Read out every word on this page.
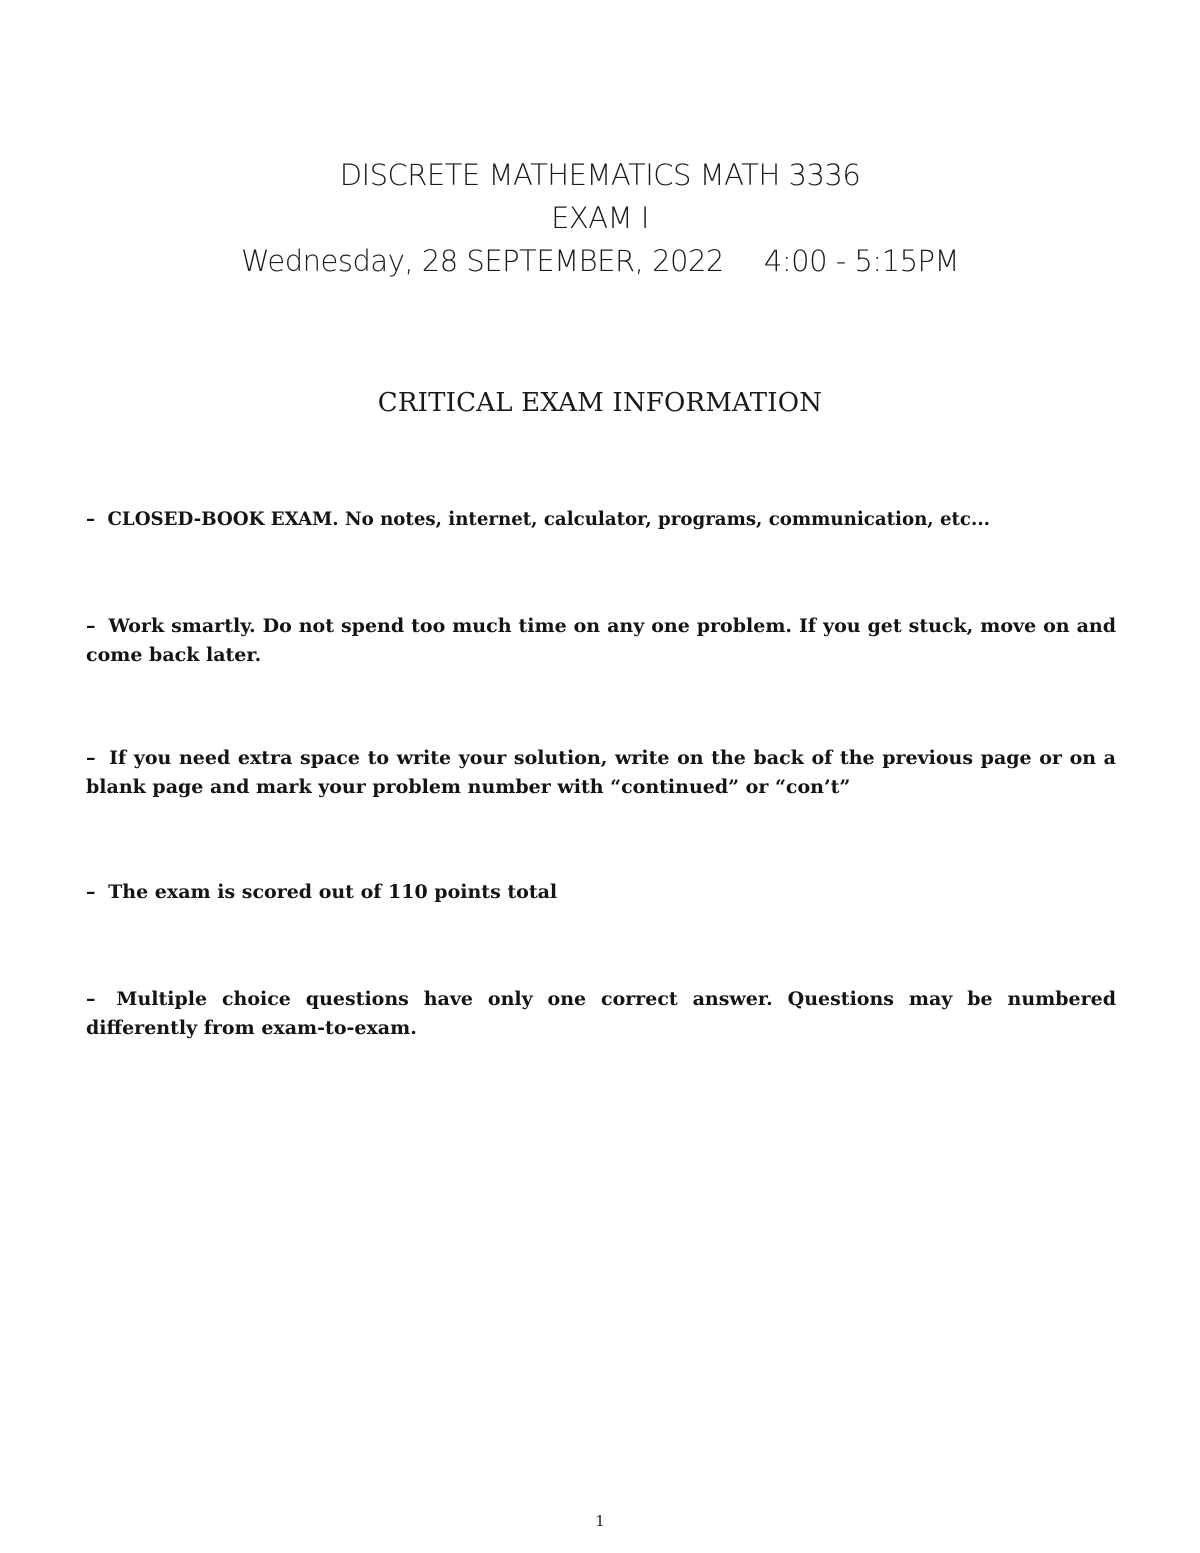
DISCRETE MATHEMATICS MATH 3336
EXAM I
Wednesday, 28 SEPTEMBER, 2022 4:00 - 5:15PM
CRITICAL EXAM INFORMATION
– CLOSED-BOOK EXAM. No notes, internet, calculator, programs, communication, etc...
– Work smartly. Do not spend too much time on any one problem. If you get stuck, move on and come back later.
– If you need extra space to write your solution, write on the back of the previous page or on a blank page and mark your problem number with “continued” or “con’t”
– The exam is scored out of 110 points total
– Multiple choice questions have only one correct answer. Questions may be numbered differently from exam-to-exam.
1
